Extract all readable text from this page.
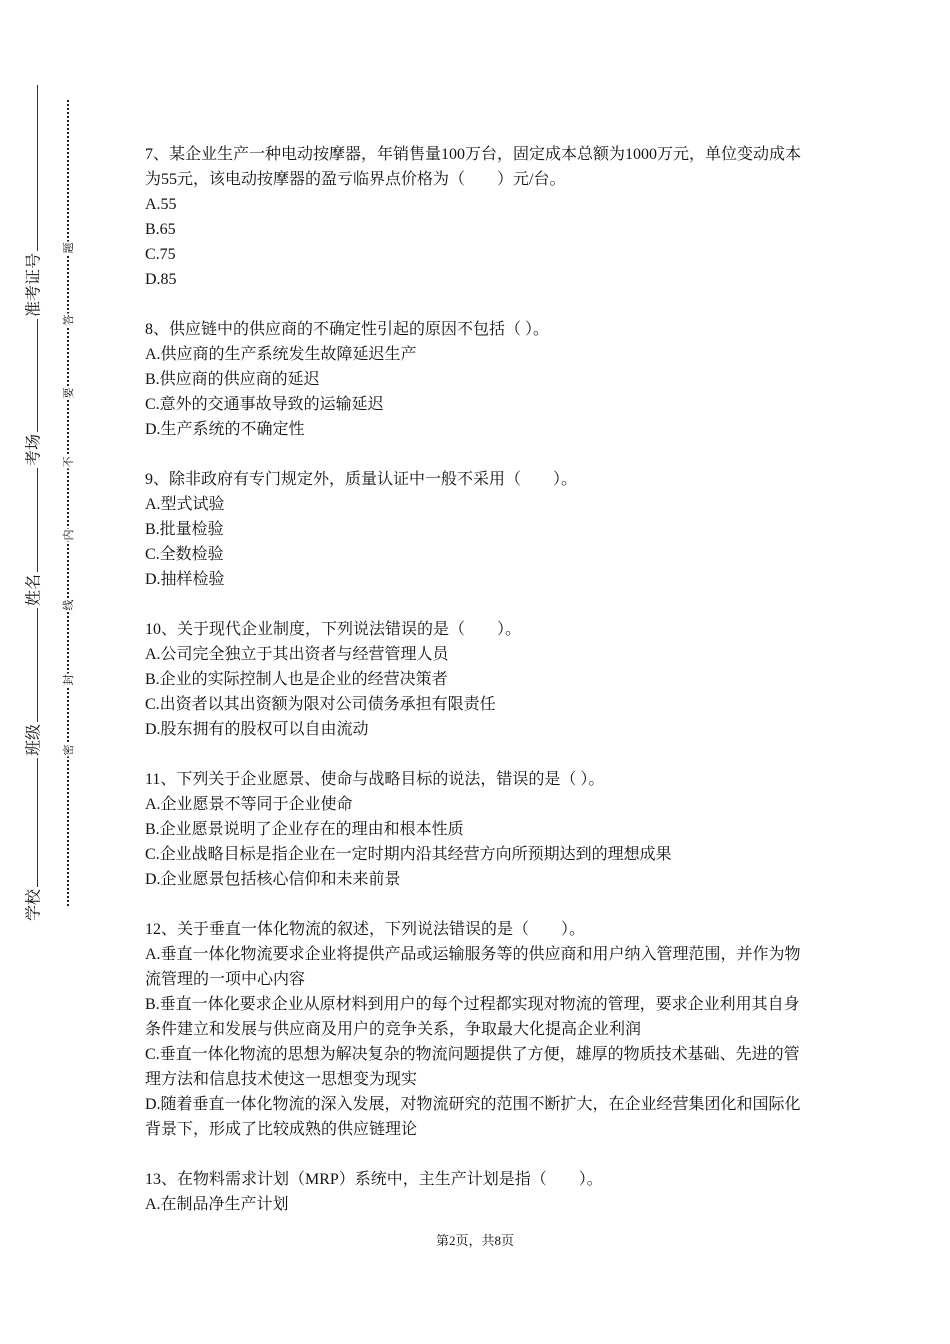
学校
班级
姓名
考场
准考证号
密
封
线
内
不
要
答
题

7、某企业生产一种电动按摩器，年销售量100万台，固定成本总额为1000万元，单位变动成本为55元，该电动按摩器的盈亏临界点价格为（　　）元/台。

A.55

B.65

C.75

D.85

8、供应链中的供应商的不确定性引起的原因不包括（ ）。

A.供应商的生产系统发生故障延迟生产

B.供应商的供应商的延迟

C.意外的交通事故导致的运输延迟

D.生产系统的不确定性

9、除非政府有专门规定外，质量认证中一般不采用（　　）。

A.型式试验

B.批量检验

C.全数检验

D.抽样检验

10、关于现代企业制度，下列说法错误的是（　　）。

A.公司完全独立于其出资者与经营管理人员

B.企业的实际控制人也是企业的经营决策者

C.出资者以其出资额为限对公司债务承担有限责任

D.股东拥有的股权可以自由流动

11、下列关于企业愿景、使命与战略目标的说法，错误的是（ ）。

A.企业愿景不等同于企业使命

B.企业愿景说明了企业存在的理由和根本性质

C.企业战略目标是指企业在一定时期内沿其经营方向所预期达到的理想成果

D.企业愿景包括核心信仰和未来前景

12、关于垂直一体化物流的叙述，下列说法错误的是（　　）。

A.垂直一体化物流要求企业将提供产品或运输服务等的供应商和用户纳入管理范围，并作为物流管理的一项中心内容

B.垂直一体化要求企业从原材料到用户的每个过程都实现对物流的管理，要求企业利用其自身条件建立和发展与供应商及用户的竞争关系，争取最大化提高企业利润

C.垂直一体化物流的思想为解决复杂的物流问题提供了方便，雄厚的物质技术基础、先进的管理方法和信息技术使这一思想变为现实

D.随着垂直一体化物流的深入发展，对物流研究的范围不断扩大，在企业经营集团化和国际化背景下，形成了比较成熟的供应链理论

13、在物料需求计划（MRP）系统中，主生产计划是指（　　）。

A.在制品净生产计划

第2页，共8页
